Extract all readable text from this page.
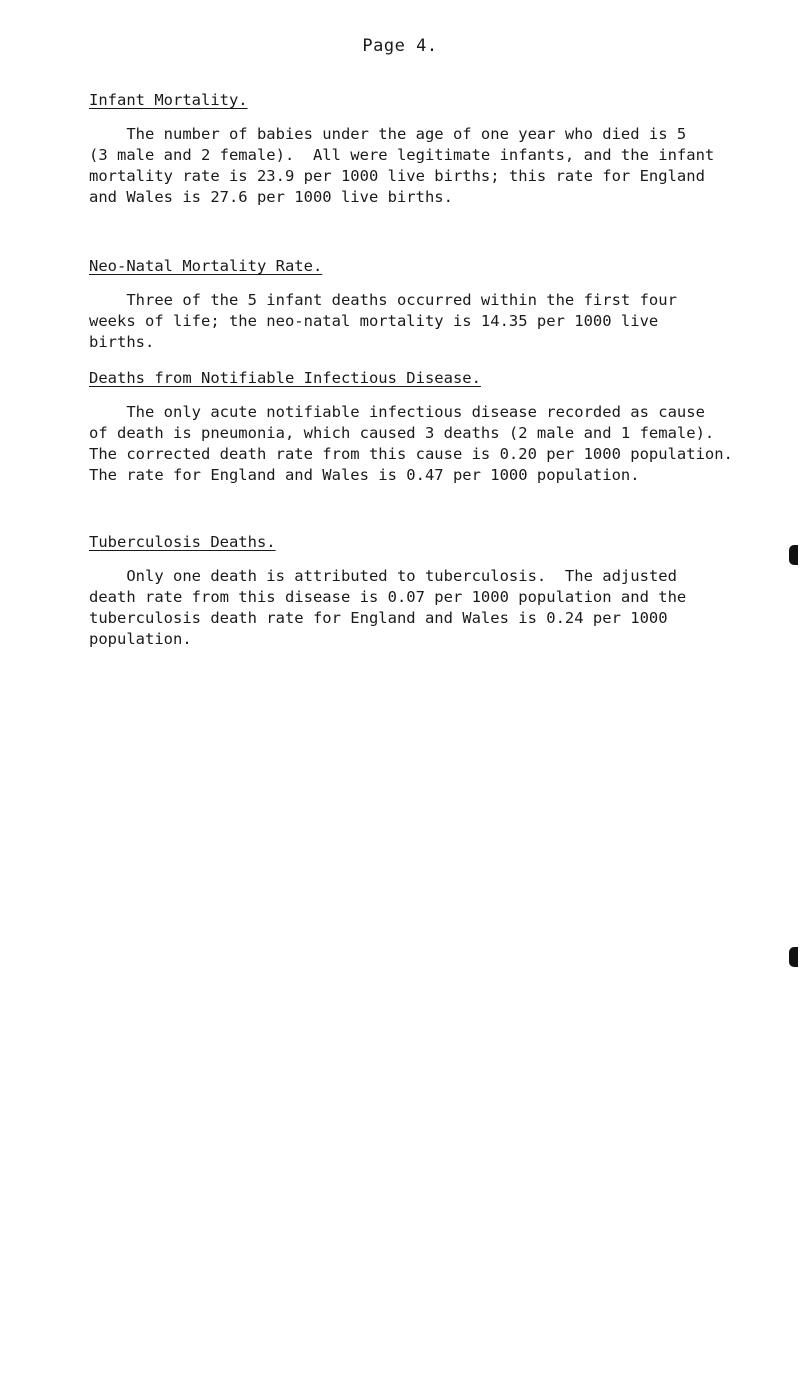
Page 4.
Infant Mortality.
The number of babies under the age of one year who died is 5
(3 male and 2 female).  All were legitimate infants, and the infant
mortality rate is 23.9 per 1000 live births; this rate for England
and Wales is 27.6 per 1000 live births.
Neo-Natal Mortality Rate.
Three of the 5 infant deaths occurred within the first four
weeks of life; the neo-natal mortality is 14.35 per 1000 live
births.
Deaths from Notifiable Infectious Disease.
The only acute notifiable infectious disease recorded as cause
of death is pneumonia, which caused 3 deaths (2 male and 1 female).
The corrected death rate from this cause is 0.20 per 1000 population.
The rate for England and Wales is 0.47 per 1000 population.
Tuberculosis Deaths.
Only one death is attributed to tuberculosis.  The adjusted
death rate from this disease is 0.07 per 1000 population and the
tuberculosis death rate for England and Wales is 0.24 per 1000
population.
